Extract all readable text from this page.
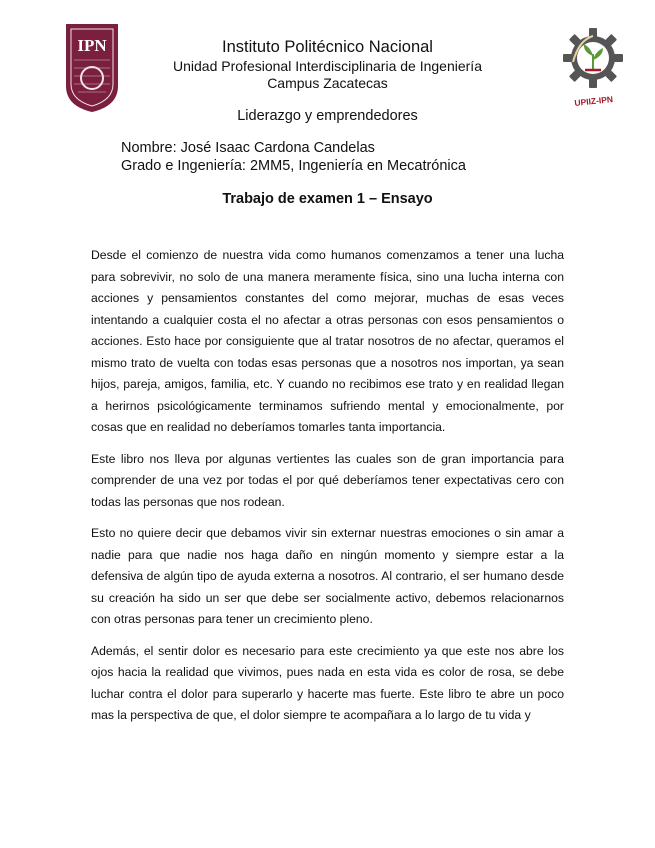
IPN
UPIIZ-IPN
Instituto Politécnico Nacional
Unidad Profesional Interdisciplinaria de Ingeniería
Campus Zacatecas
Liderazgo y emprendedores
Nombre: José Isaac Cardona Candelas
Grado e Ingeniería: 2MM5, Ingeniería en Mecatrónica
Trabajo de examen 1 – Ensayo

Desde el comienzo de nuestra vida como humanos comenzamos a tener una lucha para sobrevivir, no solo de una manera meramente física, sino una lucha interna con acciones y pensamientos constantes del como mejorar, muchas de esas veces intentando a cualquier costa el no afectar a otras personas con esos pensamientos o acciones. Esto hace por consiguiente que al tratar nosotros de no afectar, queramos el mismo trato de vuelta con todas esas personas que a nosotros nos importan, ya sean hijos, pareja, amigos, familia, etc. Y cuando no recibimos ese trato y en realidad llegan a herirnos psicológicamente terminamos sufriendo mental y emocionalmente, por cosas que en realidad no deberíamos tomarles tanta importancia.

Este libro nos lleva por algunas vertientes las cuales son de gran importancia para comprender de una vez por todas el por qué deberíamos tener expectativas cero con todas las personas que nos rodean.

Esto no quiere decir que debamos vivir sin externar nuestras emociones o sin amar a nadie para que nadie nos haga daño en ningún momento y siempre estar a la defensiva de algún tipo de ayuda externa a nosotros. Al contrario, el ser humano desde su creación ha sido un ser que debe ser socialmente activo, debemos relacionarnos con otras personas para tener un crecimiento pleno.

Además, el sentir dolor es necesario para este crecimiento ya que este nos abre los ojos hacia la realidad que vivimos, pues nada en esta vida es color de rosa, se debe luchar contra el dolor para superarlo y hacerte mas fuerte. Este libro te abre un poco mas la perspectiva de que, el dolor siempre te acompañara a lo largo de tu vida y
